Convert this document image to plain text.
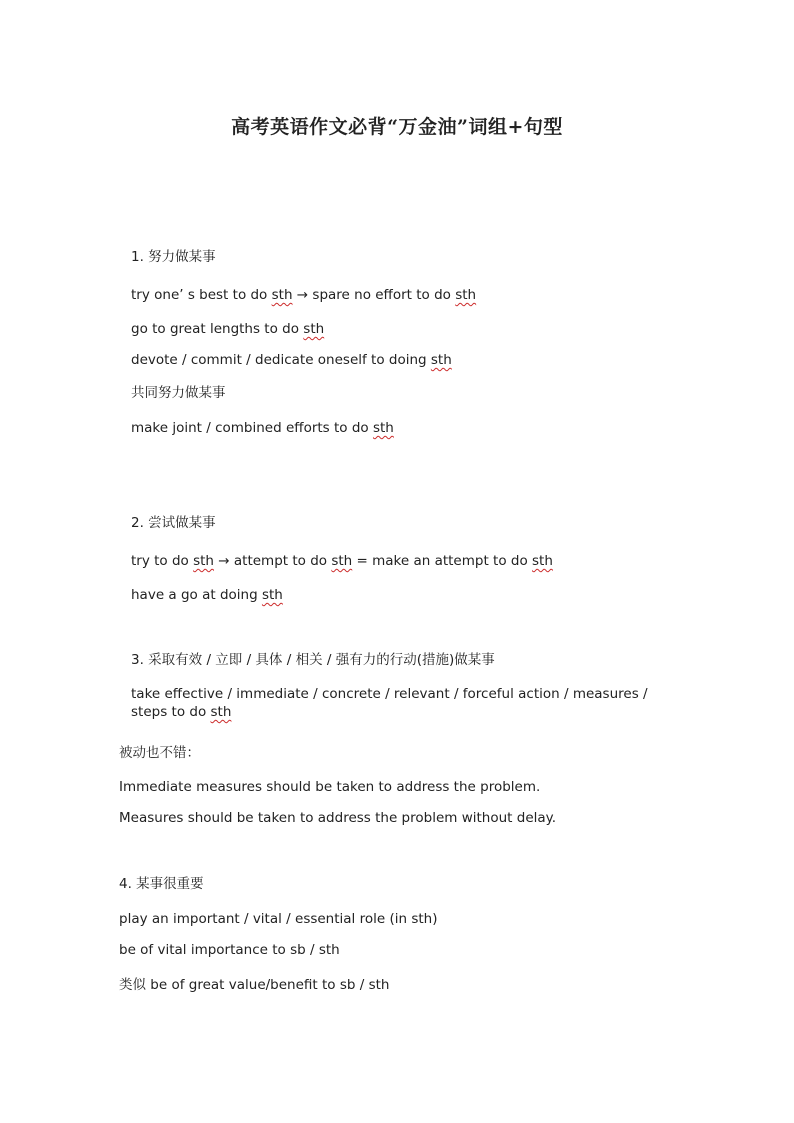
高考英语作文必背“万金油”词组+句型
1. 努力做某事
try one’ s best to do sth → spare no effort to do sth
go to great lengths to do sth
devote / commit / dedicate oneself to doing sth
共同努力做某事
make joint / combined efforts to do sth
2. 尝试做某事
try to do sth → attempt to do sth = make an attempt to do sth
have a go at doing sth
3. 采取有效 / 立即 / 具体 / 相关 / 强有力的行动(措施)做某事
take effective / immediate / concrete / relevant / forceful action / measures / steps to do sth
被动也不错：
Immediate measures should be taken to address the problem.
Measures should be taken to address the problem without delay.
4. 某事很重要
play an important / vital / essential role (in sth)
be of vital importance to sb / sth
类似 be of great value/benefit to sb / sth
